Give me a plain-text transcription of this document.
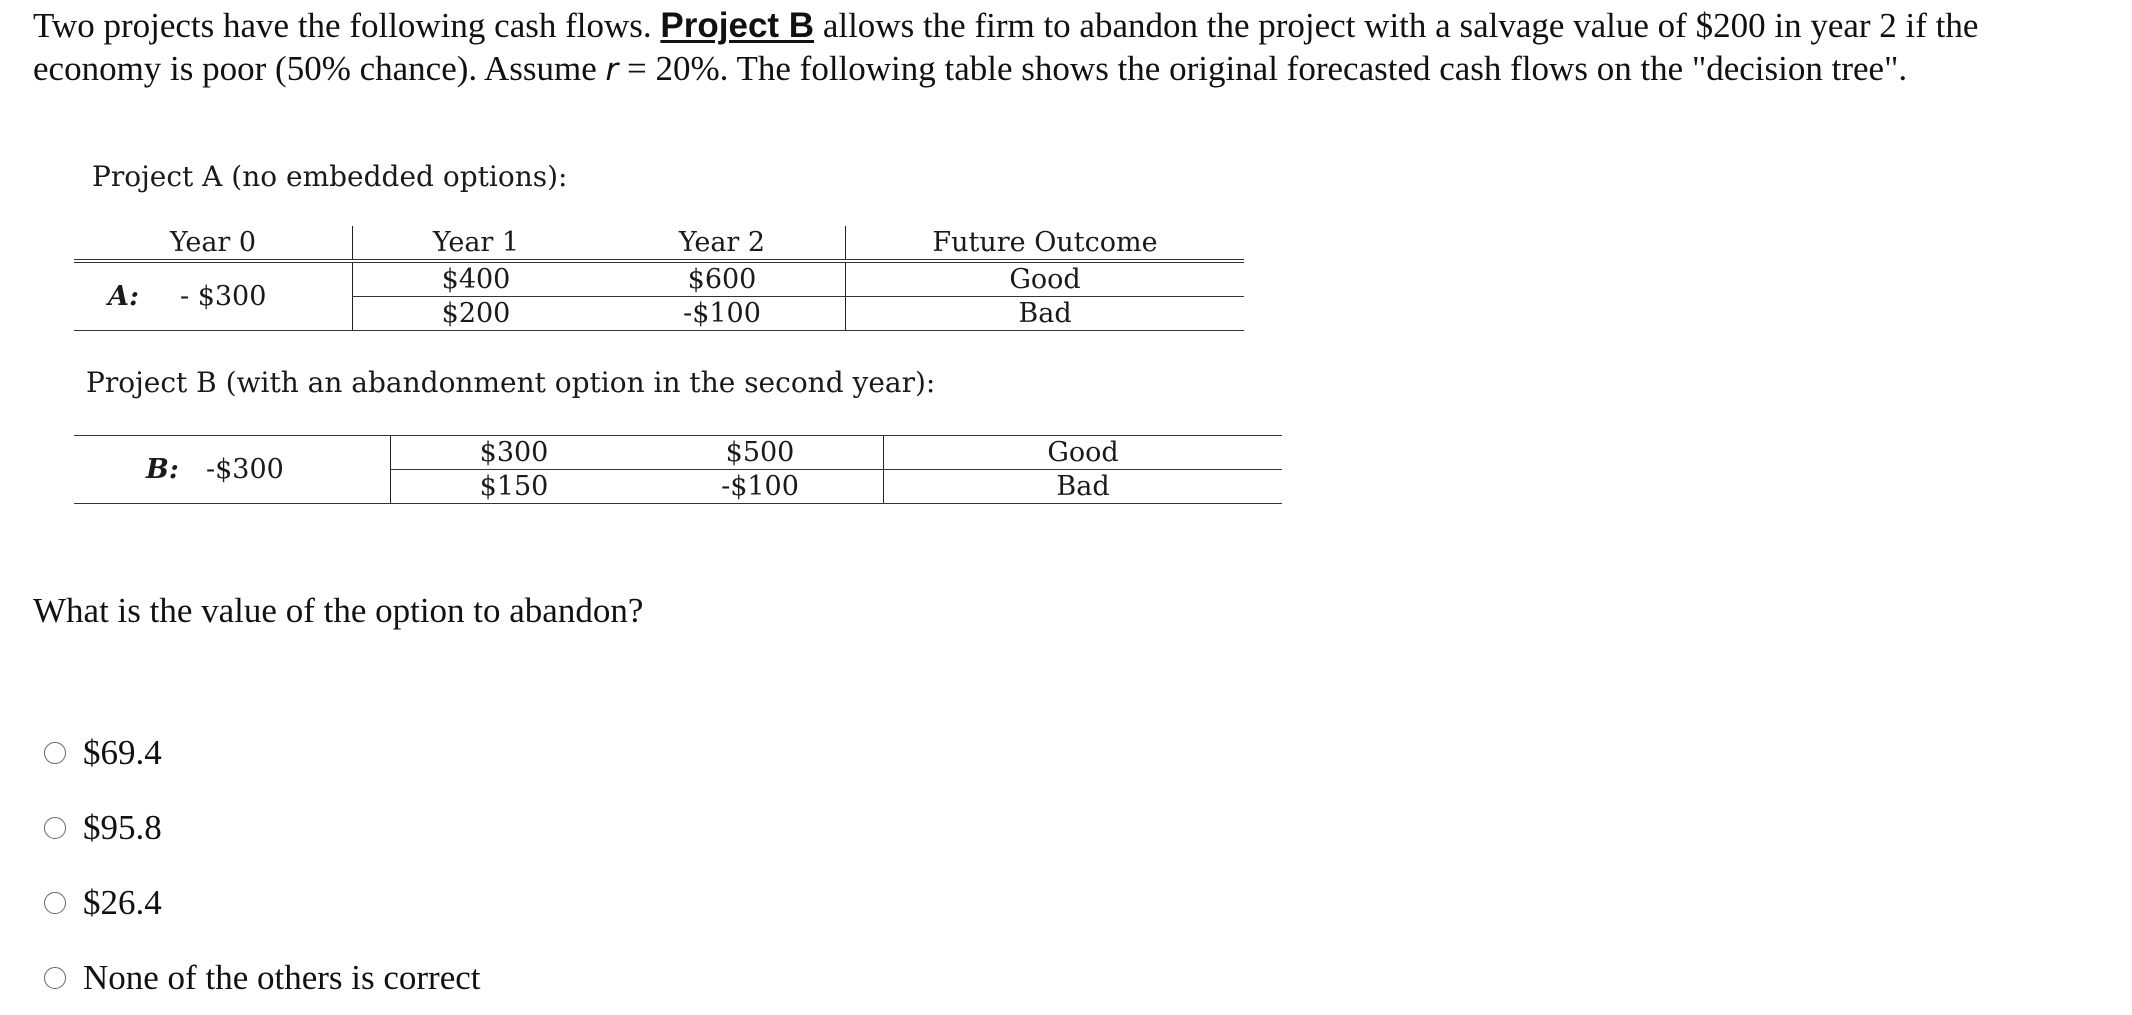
Two projects have the following cash flows. Project B allows the firm to abandon the project with a salvage value of $200 in year 2 if the economy is poor (50% chance). Assume r = 20%. The following table shows the original forecasted cash flows on the "decision tree".

Project A (no embedded options):

Year 0	Year 1	Year 2	Future Outcome
A: - $300	$400	$600	Good
	$200	-$100	Bad

Project B (with an abandonment option in the second year):

B: -$300	$300	$500	Good
	$150	-$100	Bad

What is the value of the option to abandon?

$69.4
$95.8
$26.4
None of the others is correct
